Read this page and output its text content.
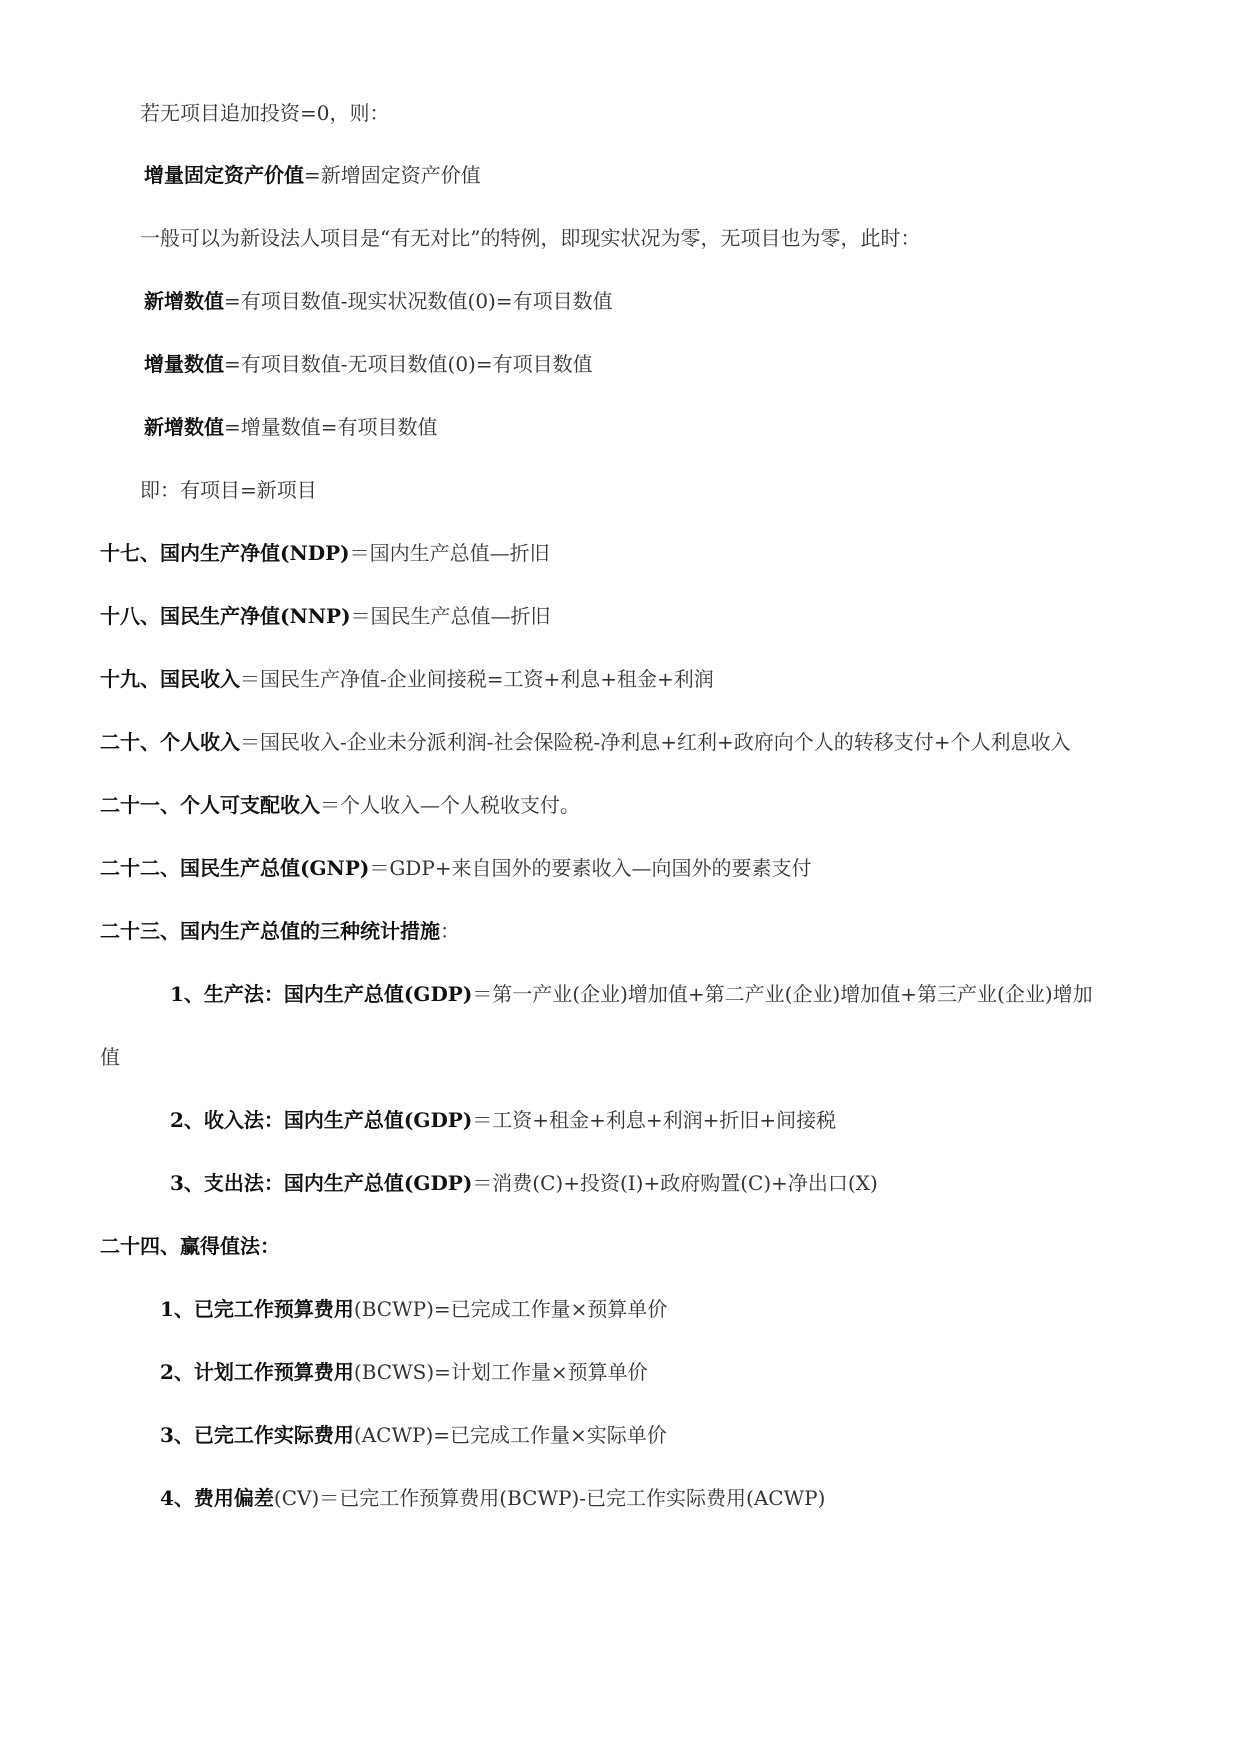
若无项目追加投资=0，则：
增量固定资产价值=新增固定资产价值
一般可以为新设法人项目是“有无对比”的特例，即现实状况为零，无项目也为零，此时：
新增数值=有项目数值-现实状况数值(0)=有项目数值
增量数值=有项目数值-无项目数值(0)=有项目数值
新增数值=增量数值=有项目数值
即：有项目=新项目
十七、国内生产净值(NDP)＝国内生产总值—折旧
十八、国民生产净值(NNP)＝国民生产总值—折旧
十九、国民收入＝国民生产净值-企业间接税=工资+利息+租金+利润
二十、个人收入＝国民收入-企业未分派利润-社会保险税-净利息+红利+政府向个人的转移支付+个人利息收入
二十一、个人可支配收入＝个人收入—个人税收支付。
二十二、国民生产总值(GNP)＝GDP+来自国外的要素收入—向国外的要素支付
二十三、国内生产总值的三种统计措施：
1、生产法：国内生产总值(GDP)＝第一产业(企业)增加值+第二产业(企业)增加值+第三产业(企业)增加
值
2、收入法：国内生产总值(GDP)＝工资+租金+利息+利润+折旧+间接税
3、支出法：国内生产总值(GDP)＝消费(C)+投资(I)+政府购置(C)+净出口(X)
二十四、赢得值法：
1、已完工作预算费用(BCWP)=已完成工作量×预算单价
2、计划工作预算费用(BCWS)=计划工作量×预算单价
3、已完工作实际费用(ACWP)=已完成工作量×实际单价
4、费用偏差(CV)＝已完工作预算费用(BCWP)-已完工作实际费用(ACWP)
